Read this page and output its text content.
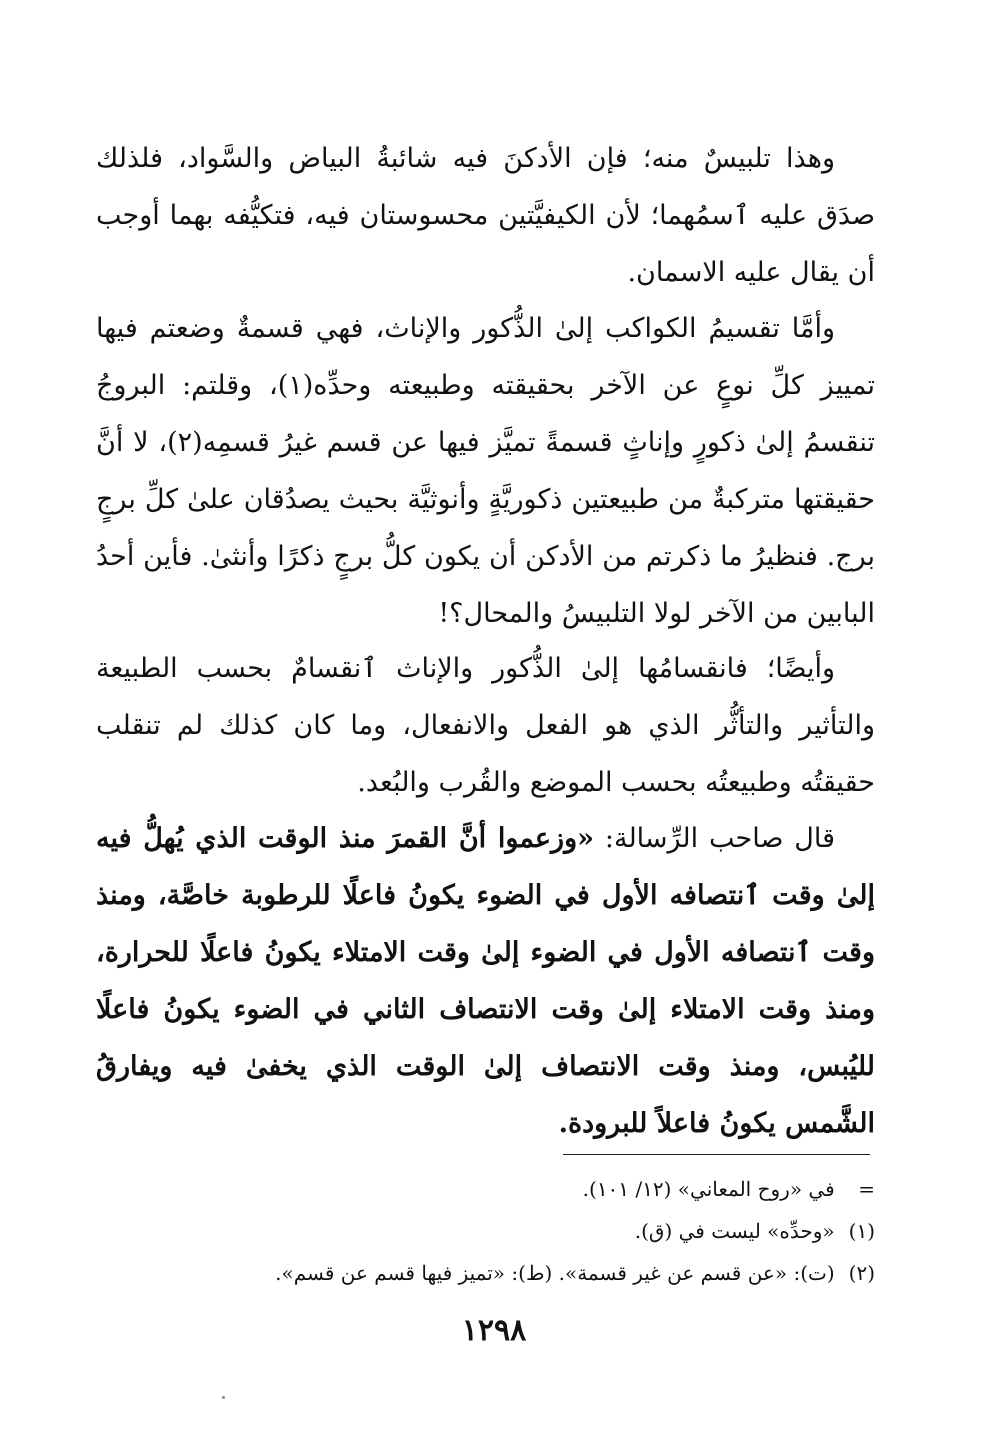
وهذا تلبيسٌ منه؛ فإن الأدكنَ فيه شائبةُ البياض والسَّواد، فلذلك صدَق عليه ٱسمُهما؛ لأن الكيفيَّتين محسوستان فيه، فتكيُّفه بهما أوجب أن يقال عليه الاسمان.

وأمَّا تقسيمُ الكواكب إلىٰ الذُّكور والإناث، فهي قسمةٌ وضعتم فيها تمييز كلِّ نوعٍ عن الآخر بحقيقته وطبيعته وحدِّه(١)، وقلتم: البروجُ تنقسمُ إلىٰ ذكورٍ وإناثٍ قسمةً تميَّز فيها عن قسم غيرُ قسمِه(٢)، لا أنَّ حقيقتها متركبةٌ من طبيعتين ذكوريَّةٍ وأنوثيَّة بحيث يصدُقان علىٰ كلِّ برجٍ برج. فنظيرُ ما ذكرتم من الأدكن أن يكون كلُّ برجٍ ذكرًا وأنثىٰ. فأين أحدُ البابين من الآخر لولا التلبيسُ والمحال؟!

وأيضًا؛ فانقسامُها إلىٰ الذُّكور والإناث ٱنقسامٌ بحسب الطبيعة والتأثير والتأثُّر الذي هو الفعل والانفعال، وما كان كذلك لم تنقلب حقيقتُه وطبيعتُه بحسب الموضع والقُرب والبُعد.

قال صاحب الرِّسالة: «وزعموا أنَّ القمرَ منذ الوقت الذي يُهلُّ فيه إلىٰ وقت ٱنتصافه الأول في الضوء يكونُ فاعلًا للرطوبة خاصَّة، ومنذ وقت ٱنتصافه الأول في الضوء إلىٰ وقت الامتلاء يكونُ فاعلًا للحرارة، ومنذ وقت الامتلاء إلىٰ وقت الانتصاف الثاني في الضوء يكونُ فاعلًا لليُبس، ومنذ وقت الانتصاف إلىٰ الوقت الذي يخفىٰ فيه ويفارقُ الشَّمس يكونُ فاعلاً للبرودة.

= في «روح المعاني» (١٢/ ١٠١).

(١) «وحدِّه» ليست في (ق).

(٢) (ت): «عن قسم عن غير قسمة». (ط): «تميز فيها قسم عن قسم».

١٢٩٨
